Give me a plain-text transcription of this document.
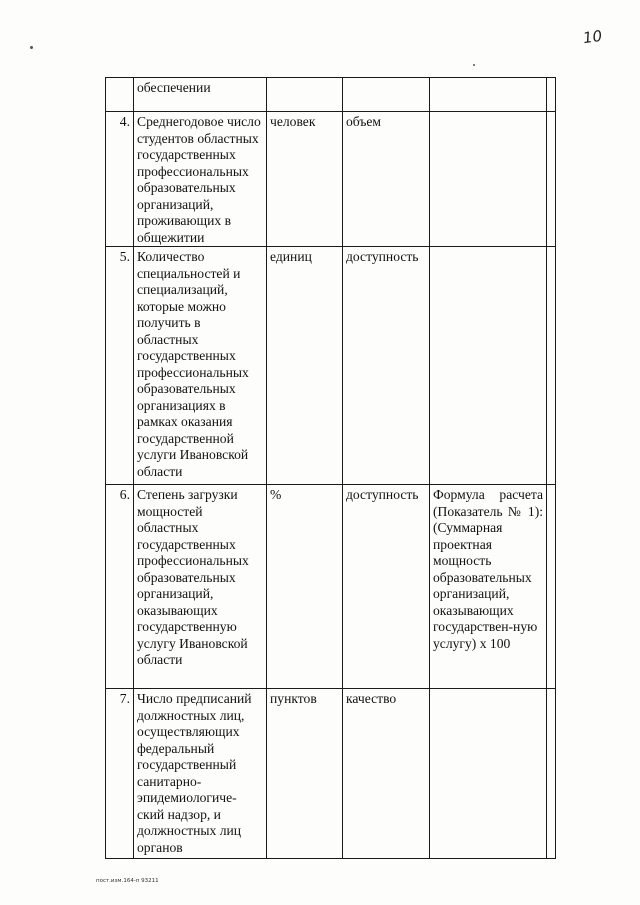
10
	обеспечении				
4.	Среднегодовое число студентов областных государственных профессиональных образовательных организаций, проживающих в общежитии	человек	объем		
5.	Количество специальностей и специализаций, которые можно получить в областных государственных профессиональных образовательных организациях в рамках оказания государственной услуги Ивановской области	единиц	доступность		
6.	Степень загрузки мощностей областных государственных профессиональных образовательных организаций, оказывающих государственную услугу Ивановской области	%	доступность	Формула расчета (Показатель № 1): (Суммарная проектная мощность образовательных организаций, оказывающих государствен-ную услугу) х 100	
7.	Число предписаний должностных лиц, осуществляющих федеральный государственный санитарно-эпидемиологиче-ский надзор, и должностных лиц органов	пунктов	качество		
пост.изм.164-п 93211
